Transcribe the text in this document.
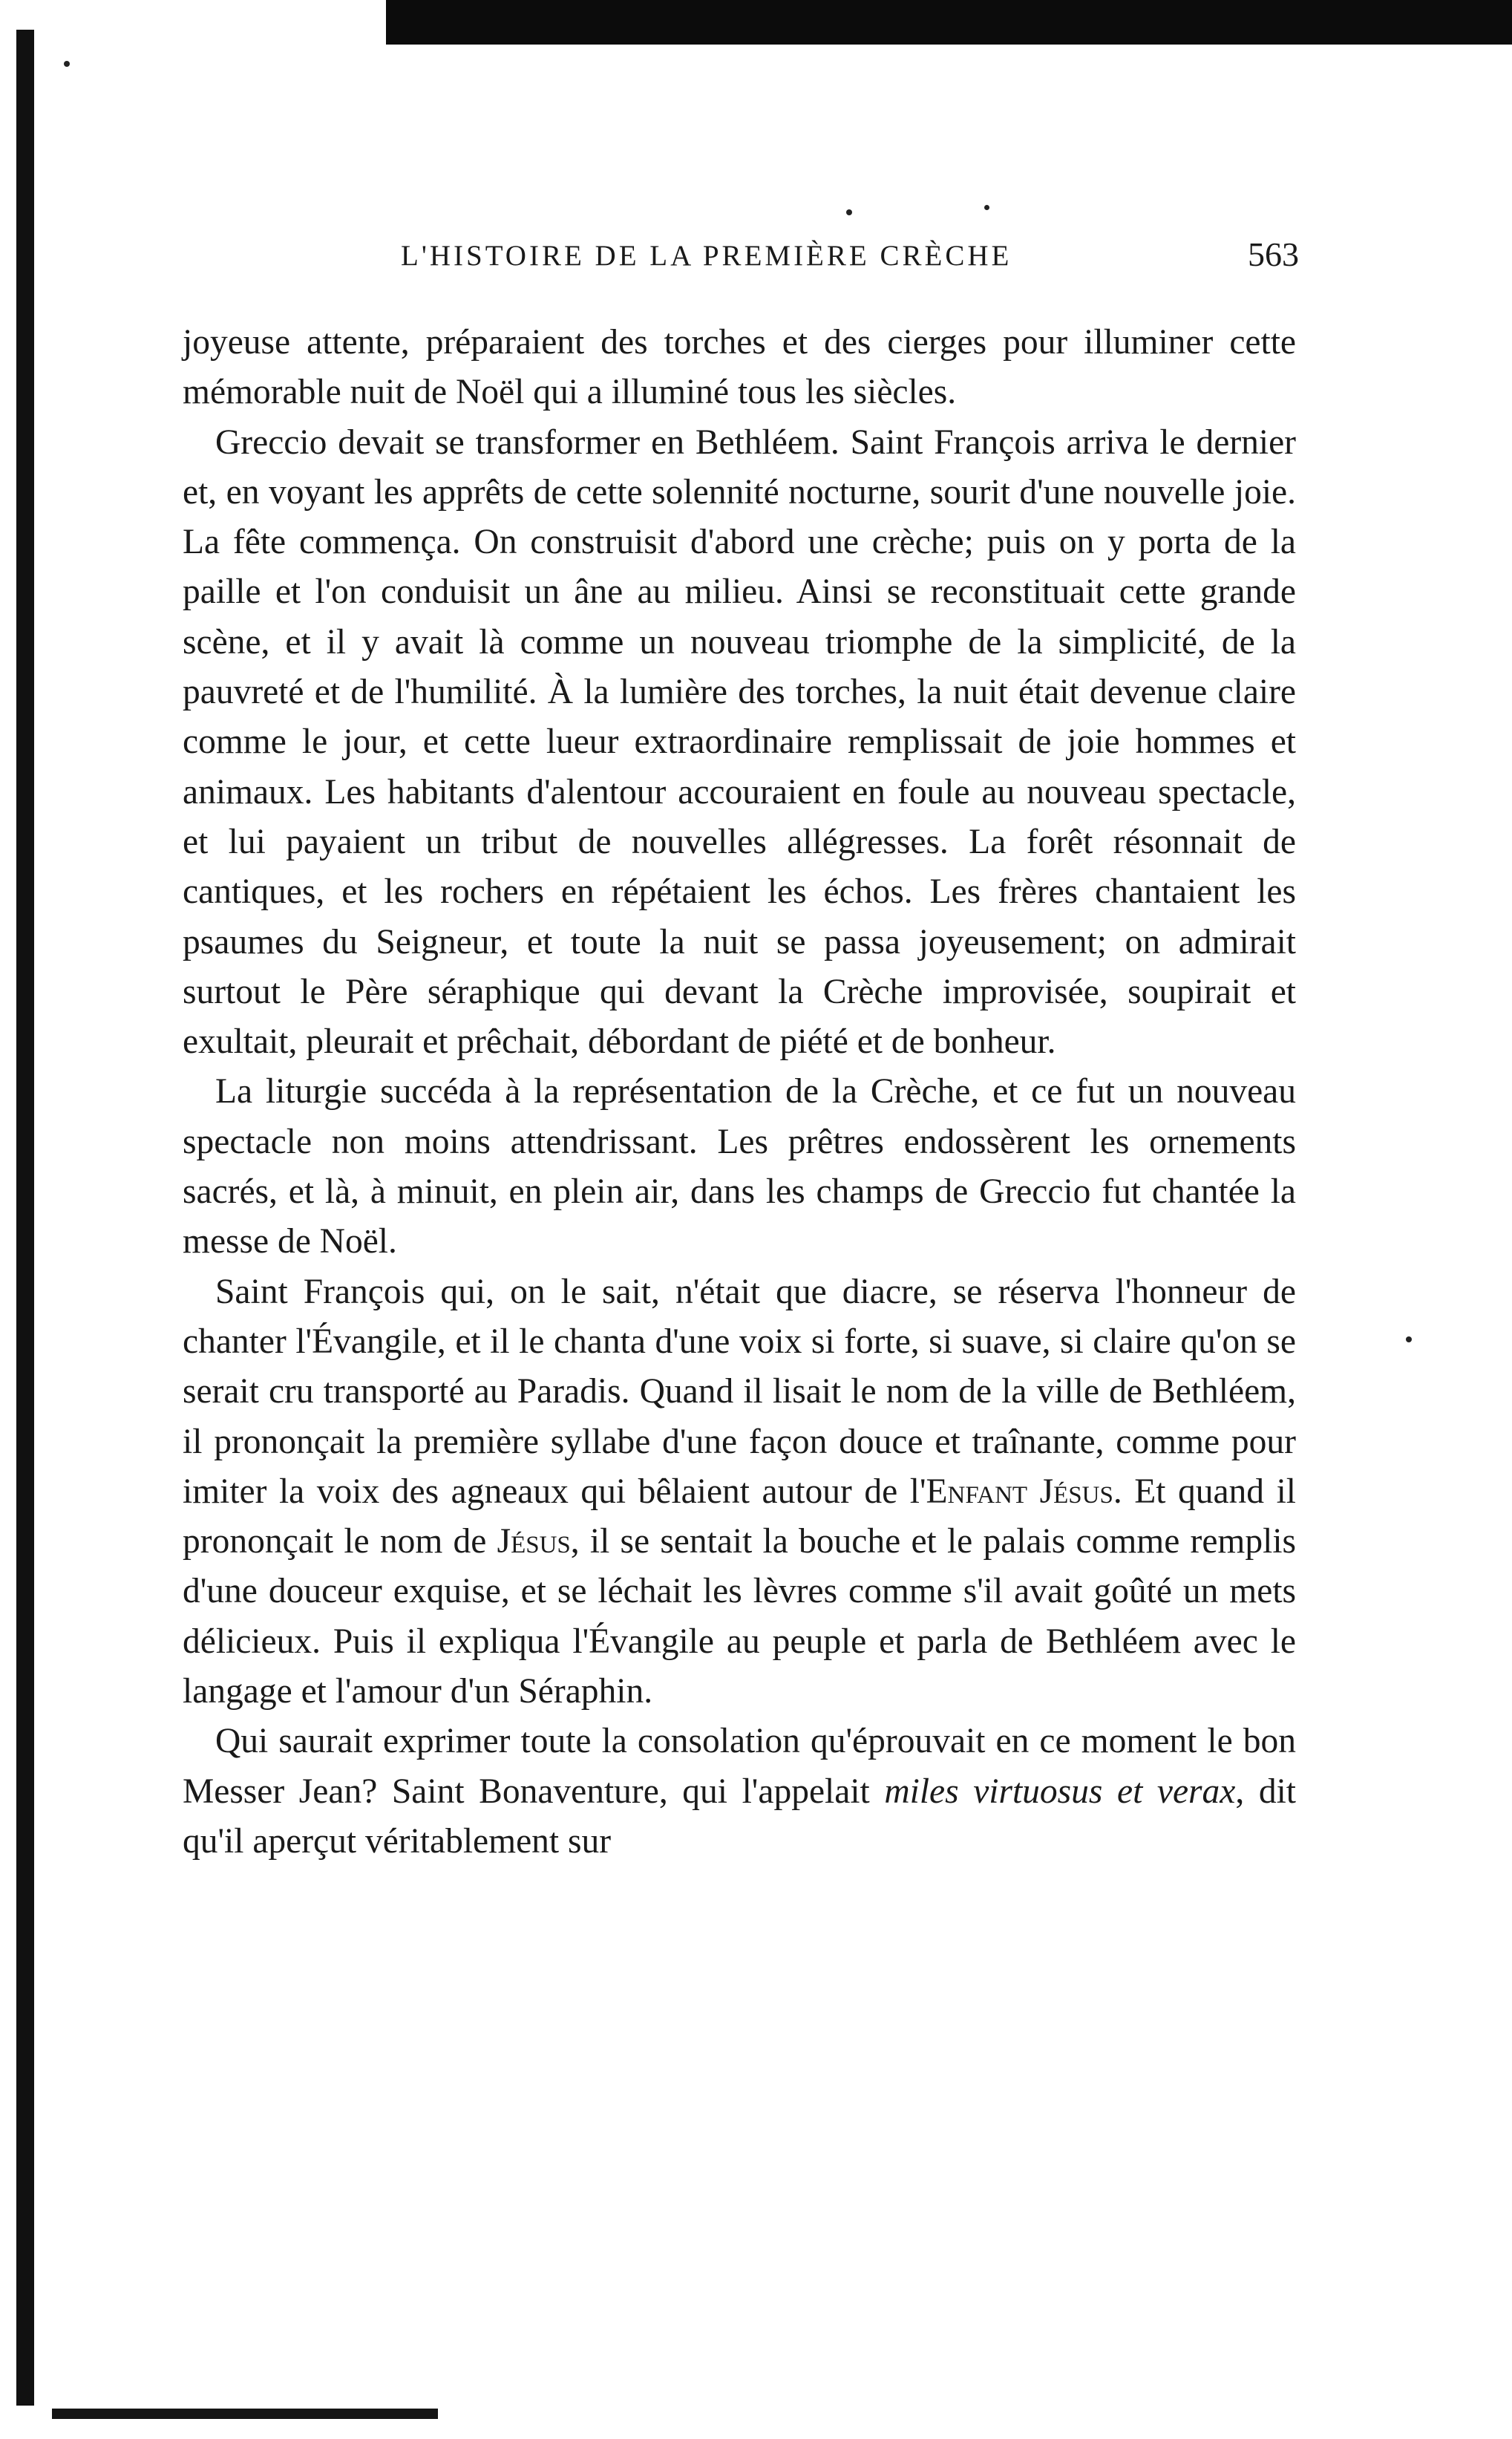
L'HISTOIRE DE LA PREMIÈRE CRÈCHE	563

joyeuse attente, préparaient des torches et des cierges pour illuminer cette mémorable nuit de Noël qui a illuminé tous les siècles.

Greccio devait se transformer en Bethléem. Saint François arriva le dernier et, en voyant les apprêts de cette solennité nocturne, sourit d'une nouvelle joie. La fête commença. On construisit d'abord une crèche; puis on y porta de la paille et l'on conduisit un âne au milieu. Ainsi se reconstituait cette grande scène, et il y avait là comme un nouveau triomphe de la simplicité, de la pauvreté et de l'humilité. À la lumière des torches, la nuit était devenue claire comme le jour, et cette lueur extraordinaire remplissait de joie hommes et animaux. Les habitants d'alentour accouraient en foule au nouveau spectacle, et lui payaient un tribut de nouvelles allégresses. La forêt résonnait de cantiques, et les rochers en répétaient les échos. Les frères chantaient les psaumes du Seigneur, et toute la nuit se passa joyeusement; on admirait surtout le Père séraphique qui devant la Crèche improvisée, soupirait et exultait, pleurait et prêchait, débordant de piété et de bonheur.

La liturgie succéda à la représentation de la Crèche, et ce fut un nouveau spectacle non moins attendrissant. Les prêtres endossèrent les ornements sacrés, et là, à minuit, en plein air, dans les champs de Greccio fut chantée la messe de Noël.

Saint François qui, on le sait, n'était que diacre, se réserva l'honneur de chanter l'Évangile, et il le chanta d'une voix si forte, si suave, si claire qu'on se serait cru transporté au Paradis. Quand il lisait le nom de la ville de Bethléem, il prononçait la première syllabe d'une façon douce et traînante, comme pour imiter la voix des agneaux qui bêlaient autour de l'Enfant Jésus. Et quand il prononçait le nom de Jésus, il se sentait la bouche et le palais comme remplis d'une douceur exquise, et se léchait les lèvres comme s'il avait goûté un mets délicieux. Puis il expliqua l'Évangile au peuple et parla de Bethléem avec le langage et l'amour d'un Séraphin.

Qui saurait exprimer toute la consolation qu'éprouvait en ce moment le bon Messer Jean? Saint Bonaventure, qui l'appelait miles virtuosus et verax, dit qu'il aperçut véritablement sur
